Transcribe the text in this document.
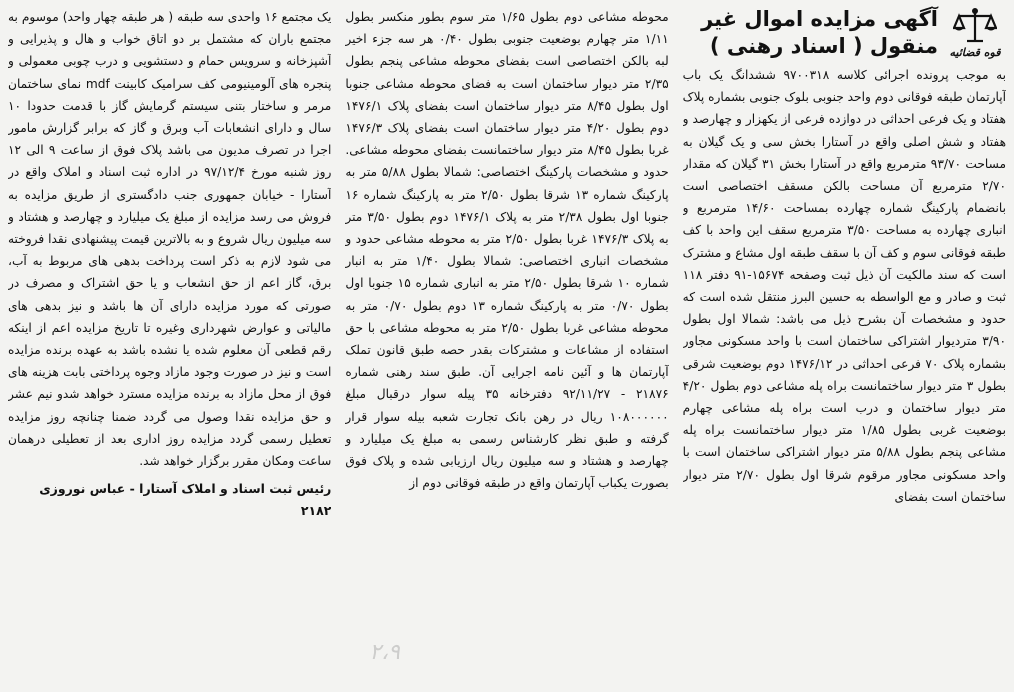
قوه قضائیه
آگهی مزایده اموال غیر منقول ( اسناد رهنی )
به موجب پرونده اجرائی کلاسه ۹۷۰۰۳۱۸ ششدانگ یک باب آپارتمان طبقه فوقانی دوم واحد جنوبی بلوک جنوبی بشماره پلاک هفتاد و یک فرعی احداثی در دوازده فرعی از یکهزار و چهارصد و هفتاد و شش اصلی واقع در آستارا بخش سی و یک گیلان به مساحت ۹۳/۷۰ مترمربع واقع در آستارا بخش ۳۱ گیلان که مقدار ۲/۷۰ مترمربع آن مساحت بالکن مسقف اختصاصی است بانضمام پارکینگ شماره چهارده بمساحت ۱۴/۶۰ مترمربع و انباری چهارده به مساحت ۳/۵۰ مترمربع سقف این واحد با کف طبقه فوقانی سوم و کف آن با سقف طبقه اول مشاع و مشترک است که سند مالکیت آن ذیل ثبت وصفحه ۱۵۶۷۴-۹۱ دفتر ۱۱۸ ثبت و صادر و مع الواسطه به حسین البرز منتقل شده است که حدود و مشخصات آن بشرح ذیل می باشد: شمالا اول بطول ۳/۹۰ متردیوار اشتراکی ساختمان است با واحد مسکونی مجاور بشماره پلاک ۷۰ فرعی احداثی در ۱۴۷۶/۱۲ دوم بوضعیت شرقی بطول ۳ متر دیوار ساختمانست براه پله مشاعی دوم بطول ۴/۲۰ متر دیوار ساختمان و درب است براه پله مشاعی چهارم بوضعیت غربی بطول ۱/۸۵ متر دیوار ساختمانست براه پله مشاعی پنجم بطول ۵/۸۸ متر دیوار اشتراکی ساختمان است با واحد مسکونی مجاور مرقوم شرقا اول بطول ۲/۷۰ متر دیوار ساختمان است بفضای
محوطه مشاعی دوم بطول ۱/۶۵ متر سوم بطور منکسر بطول ۱/۱۱ متر چهارم بوضعیت جنوبی بطول ۰/۴۰ هر سه جزء اخیر لبه بالکن اختصاصی است بفضای محوطه مشاعی پنجم بطول ۲/۳۵ متر دیوار ساختمان است به فضای محوطه مشاعی جنوبا اول بطول ۸/۴۵ متر دیوار ساختمان است بفضای پلاک ۱۴۷۶/۱ دوم بطول ۴/۲۰ متر دیوار ساختمان است بفضای پلاک ۱۴۷۶/۳ غربا بطول ۸/۴۵ متر دیوار ساختمانست بفضای محوطه مشاعی. حدود و مشخصات پارکینگ اختصاصی: شمالا بطول ۵/۸۸ متر به پارکینگ شماره ۱۳ شرقا بطول ۲/۵۰ متر به پارکینگ شماره ۱۶ جنوبا اول بطول ۲/۳۸ متر به پلاک ۱۴۷۶/۱ دوم بطول ۳/۵۰ متر به پلاک ۱۴۷۶/۳ غربا بطول ۲/۵۰ متر به محوطه مشاعی حدود و مشخصات انباری اختصاصی: شمالا بطول ۱/۴۰ متر به انبار شماره ۱۰ شرقا بطول ۲/۵۰ متر به انباری شماره ۱۵ جنوبا اول بطول ۰/۷۰ متر به پارکینگ شماره ۱۳ دوم بطول ۰/۷۰ متر به محوطه مشاعی غربا بطول ۲/۵۰ متر به محوطه مشاعی با حق استفاده از مشاعات و مشترکات بقدر حصه طبق قانون تملک آپارتمان ها و آئین نامه اجرایی آن. طبق سند رهنی شماره ۲۱۸۷۶ - ۹۲/۱۱/۲۷ دفترخانه ۳۵ پیله سوار درقبال مبلغ ۱۰۸۰۰۰۰۰۰ ریال در رهن بانک تجارت شعبه بیله سوار قرار گرفته و طبق نظر کارشناس رسمی به مبلغ یک میلیارد و چهارصد و هشتاد و سه میلیون ریال ارزیابی شده و پلاک فوق بصورت یکباب آپارتمان واقع در طبقه فوقانی دوم از
یک مجتمع ۱۶ واحدی سه طبقه ( هر طبقه چهار واحد) موسوم به مجتمع باران که مشتمل بر دو اتاق خواب و هال و پذیرایی و آشپزخانه و سرویس حمام و دستشویی و درب چوبی معمولی و پنجره های آلومینیومی کف سرامیک کابینت mdf نمای ساختمان مرمر و ساختار بتنی سیستم گرمایش گاز با قدمت حدودا ۱۰ سال و دارای انشعابات آب وبرق و گاز که برابر گزارش مامور اجرا در تصرف مدیون می باشد پلاک فوق از ساعت ۹ الی ۱۲ روز شنبه مورخ ۹۷/۱۲/۴ در اداره ثبت اسناد و املاک واقع در آستارا - خیابان جمهوری جنب دادگستری از طریق مزایده به فروش می رسد مزایده از مبلغ یک میلیارد و چهارصد و هشتاد و سه میلیون ریال شروع و به بالاترین قیمت پیشنهادی نقدا فروخته می شود لازم به ذکر است پرداخت بدهی های مربوط به آب، برق، گاز اعم از حق انشعاب و یا حق اشتراک و مصرف در صورتی که مورد مزایده دارای آن ها باشد و نیز بدهی های مالیاتی و عوارض شهرداری وغیره تا تاریخ مزایده اعم از اینکه رقم قطعی آن معلوم شده یا نشده باشد به عهده برنده مزایده است و نیز در صورت وجود مازاد وجوه پرداختی بابت هزینه های فوق از محل مازاد به برنده مزایده مسترد خواهد شدو نیم عشر و حق مزایده نقدا وصول می گردد ضمنا چنانچه روز مزایده تعطیل رسمی گردد مزایده روز اداری بعد از تعطیلی درهمان ساعت ومکان مقرر برگزار خواهد شد.
رئیس ثبت اسناد و املاک آستارا - عباس نوروزی ۲۱۸۲
۲،۹
